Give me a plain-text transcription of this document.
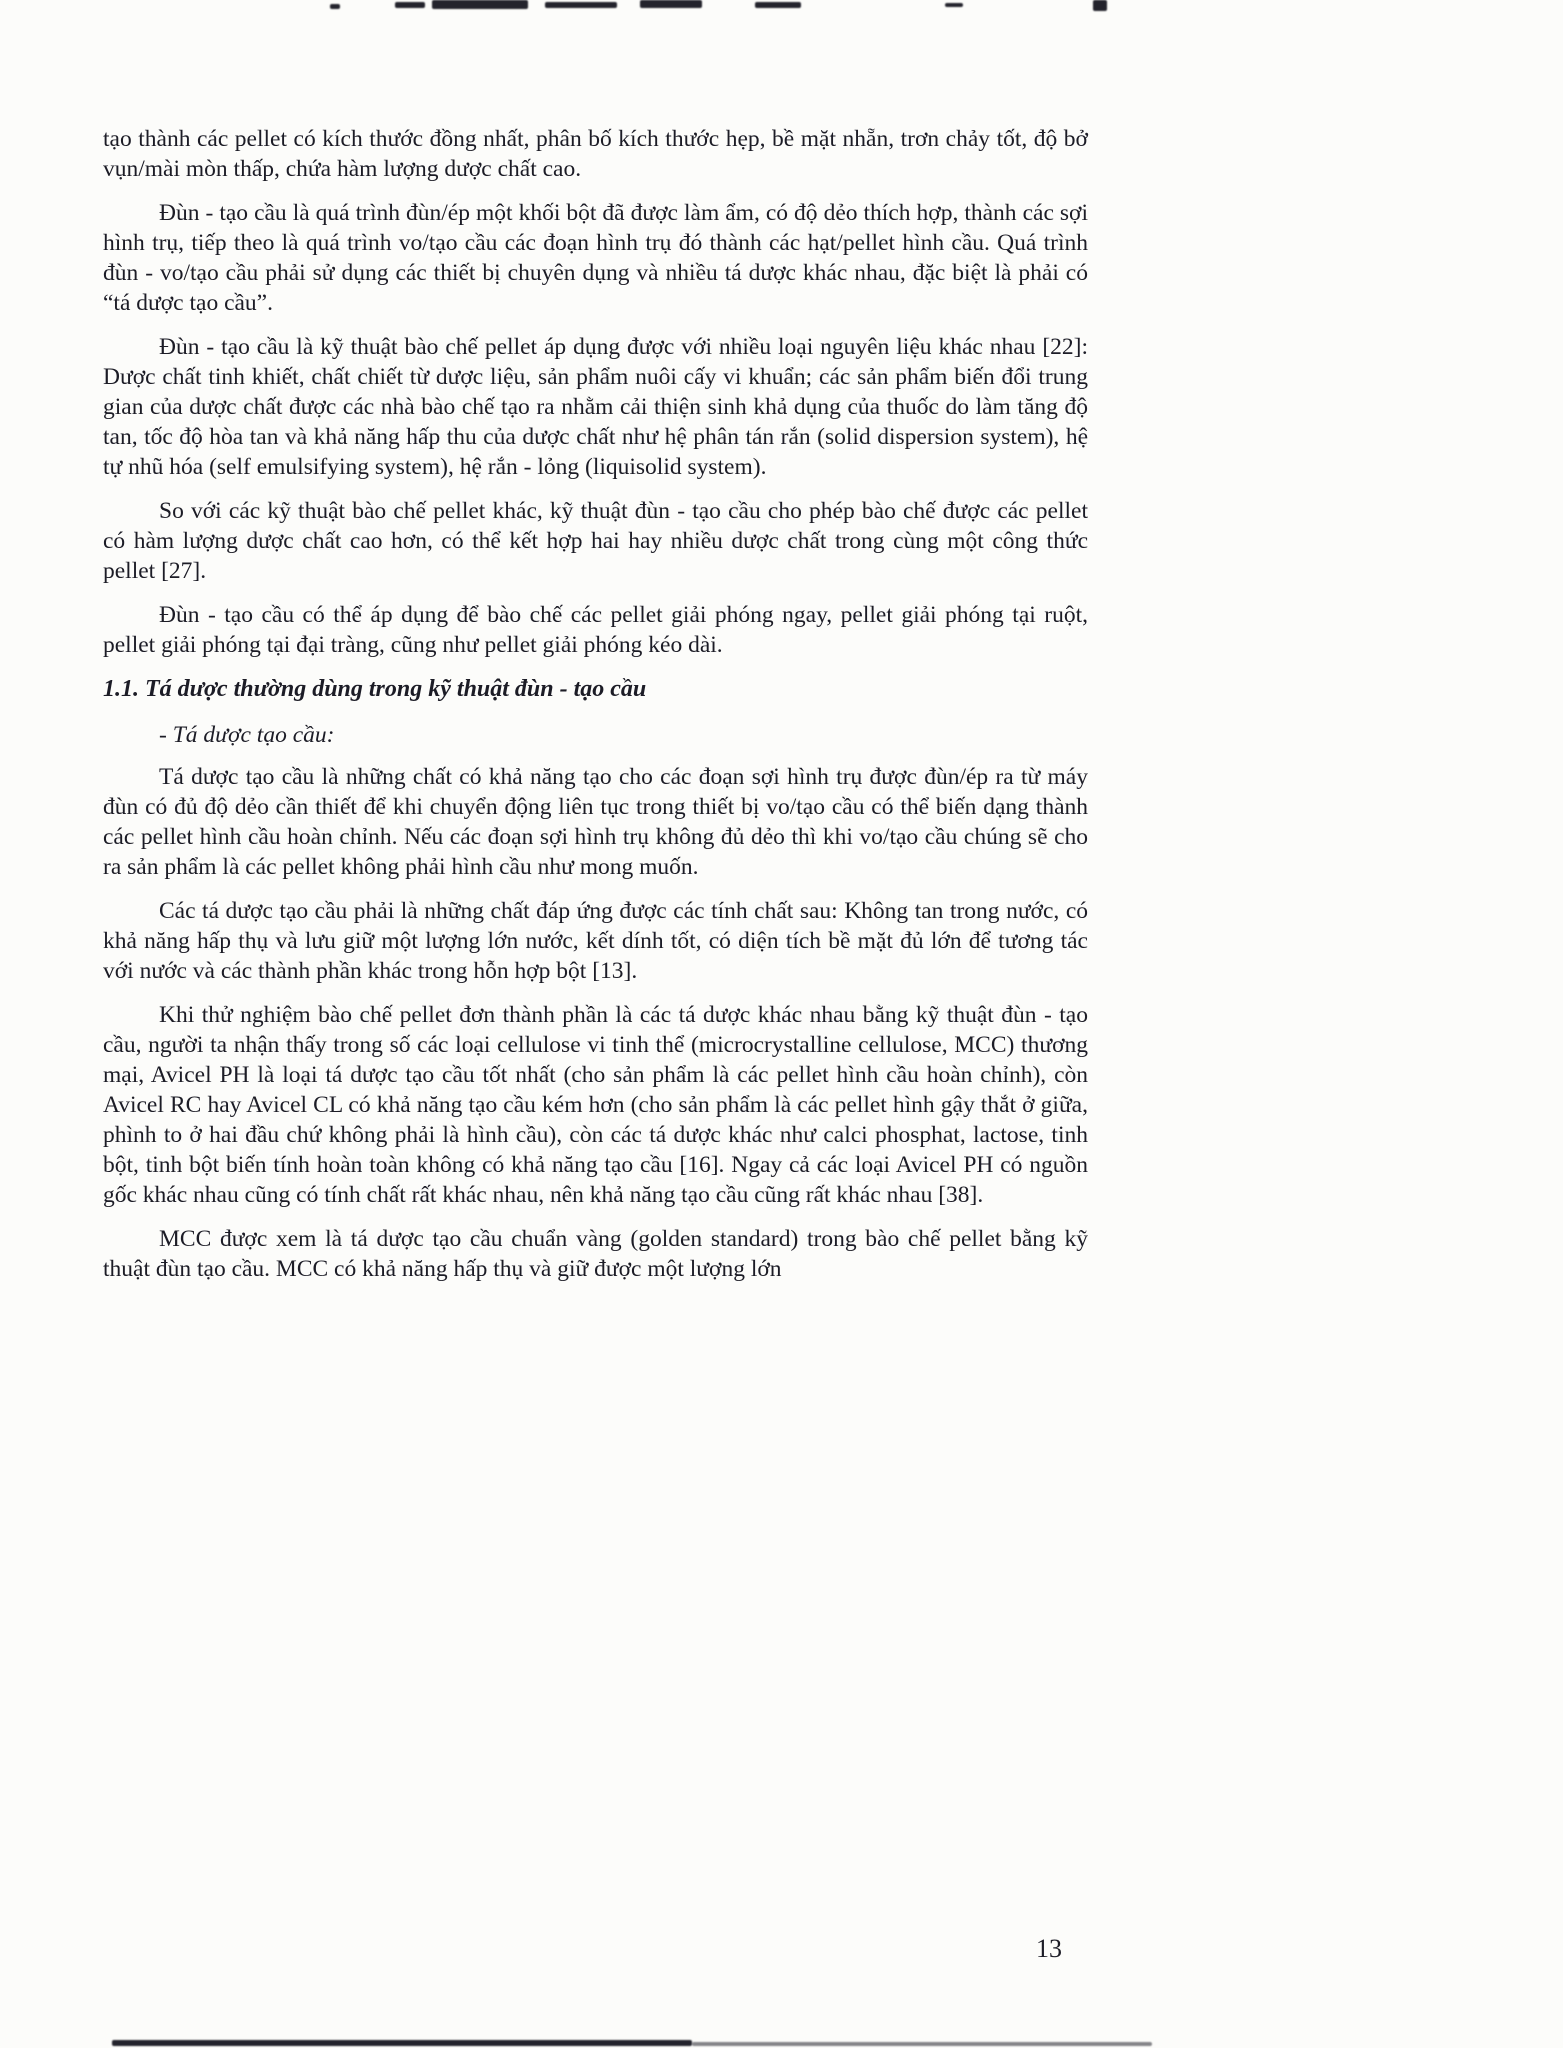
tạo thành các pellet có kích thước đồng nhất, phân bố kích thước hẹp, bề mặt nhẵn, trơn chảy tốt, độ bở vụn/mài mòn thấp, chứa hàm lượng dược chất cao.

Đùn - tạo cầu là quá trình đùn/ép một khối bột đã được làm ẩm, có độ dẻo thích hợp, thành các sợi hình trụ, tiếp theo là quá trình vo/tạo cầu các đoạn hình trụ đó thành các hạt/pellet hình cầu. Quá trình đùn - vo/tạo cầu phải sử dụng các thiết bị chuyên dụng và nhiều tá dược khác nhau, đặc biệt là phải có “tá dược tạo cầu”.

Đùn - tạo cầu là kỹ thuật bào chế pellet áp dụng được với nhiều loại nguyên liệu khác nhau [22]: Dược chất tinh khiết, chất chiết từ dược liệu, sản phẩm nuôi cấy vi khuẩn; các sản phẩm biến đổi trung gian của dược chất được các nhà bào chế tạo ra nhằm cải thiện sinh khả dụng của thuốc do làm tăng độ tan, tốc độ hòa tan và khả năng hấp thu của dược chất như hệ phân tán rắn (solid dispersion system), hệ tự nhũ hóa (self emulsifying system), hệ rắn - lỏng (liquisolid system).

So với các kỹ thuật bào chế pellet khác, kỹ thuật đùn - tạo cầu cho phép bào chế được các pellet có hàm lượng dược chất cao hơn, có thể kết hợp hai hay nhiều dược chất trong cùng một công thức pellet [27].

Đùn - tạo cầu có thể áp dụng để bào chế các pellet giải phóng ngay, pellet giải phóng tại ruột, pellet giải phóng tại đại tràng, cũng như pellet giải phóng kéo dài.

1.1. Tá dược thường dùng trong kỹ thuật đùn - tạo cầu

- Tá dược tạo cầu:

Tá dược tạo cầu là những chất có khả năng tạo cho các đoạn sợi hình trụ được đùn/ép ra từ máy đùn có đủ độ dẻo cần thiết để khi chuyển động liên tục trong thiết bị vo/tạo cầu có thể biến dạng thành các pellet hình cầu hoàn chỉnh. Nếu các đoạn sợi hình trụ không đủ dẻo thì khi vo/tạo cầu chúng sẽ cho ra sản phẩm là các pellet không phải hình cầu như mong muốn.

Các tá dược tạo cầu phải là những chất đáp ứng được các tính chất sau: Không tan trong nước, có khả năng hấp thụ và lưu giữ một lượng lớn nước, kết dính tốt, có diện tích bề mặt đủ lớn để tương tác với nước và các thành phần khác trong hỗn hợp bột [13].

Khi thử nghiệm bào chế pellet đơn thành phần là các tá dược khác nhau bằng kỹ thuật đùn - tạo cầu, người ta nhận thấy trong số các loại cellulose vi tinh thể (microcrystalline cellulose, MCC) thương mại, Avicel PH là loại tá dược tạo cầu tốt nhất (cho sản phẩm là các pellet hình cầu hoàn chỉnh), còn Avicel RC hay Avicel CL có khả năng tạo cầu kém hơn (cho sản phẩm là các pellet hình gậy thắt ở giữa, phình to ở hai đầu chứ không phải là hình cầu), còn các tá dược khác như calci phosphat, lactose, tinh bột, tinh bột biến tính hoàn toàn không có khả năng tạo cầu [16]. Ngay cả các loại Avicel PH có nguồn gốc khác nhau cũng có tính chất rất khác nhau, nên khả năng tạo cầu cũng rất khác nhau [38].

MCC được xem là tá dược tạo cầu chuẩn vàng (golden standard) trong bào chế pellet bằng kỹ thuật đùn tạo cầu. MCC có khả năng hấp thụ và giữ được một lượng lớn

13
